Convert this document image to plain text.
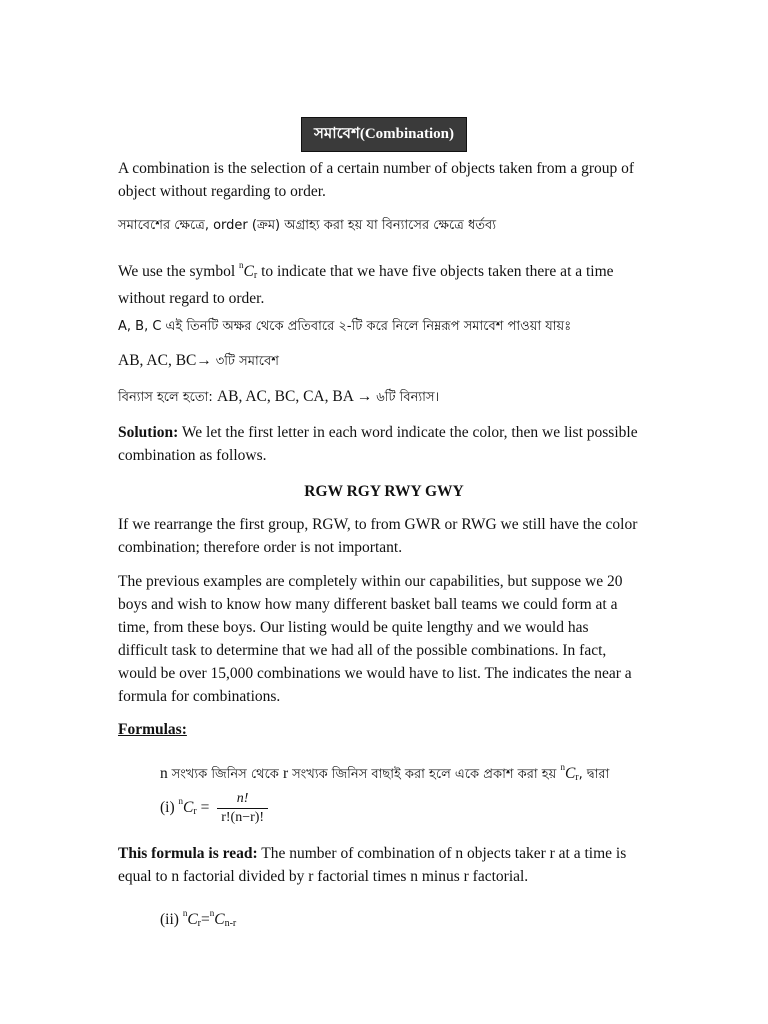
সমাবেশ(Combination)
A combination is the selection of a certain number of objects taken from a group of object without regarding to order.
সমাবেশের ক্ষেত্রে, order (ক্রম) অগ্রাহ্য করা হয় যা বিন্যাসের ক্ষেত্রে ধর্তব্য
We use the symbol $^nC_r$ to indicate that we have five objects taken there at a time without regard to order.
A, B, C এই তিনটি অক্ষর থেকে প্রতিবারে ২-টি করে নিলে নিম্নরূপ সমাবেশ পাওয়া যায়ঃ
AB, AC, BC→ ৩টি সমাবেশ
বিন্যাস হলে হতো: AB, AC, BC, CA, BA → ৬টি বিন্যাস।
Solution: We let the first letter in each word indicate the color, then we list possible combination as follows.
RGW RGY RWY GWY
If we rearrange the first group, RGW, to from GWR or RWG we still have the color combination; therefore order is not important.
The previous examples are completely within our capabilities, but suppose we 20 boys and wish to know how many different basket ball teams we could form at a time, from these boys. Our listing would be quite lengthy and we would has difficult task to determine that we had all of the possible combinations. In fact, would be over 15,000 combinations we would have to list. The indicates the near a formula for combinations.
Formulas:
n সংখ্যক জিনিস থেকে r সংখ্যক জিনিস বাছাই করা হলে একে প্রকাশ করা হয় $^nC_r$, দ্বারা
(i) $^nC_r = \frac{n!}{r!(n-r)!}$
This formula is read: The number of combination of n objects taker r at a time is equal to n factorial divided by r factorial times n minus r factorial.
(ii) $^nC_r=^nC_{n-r}$
